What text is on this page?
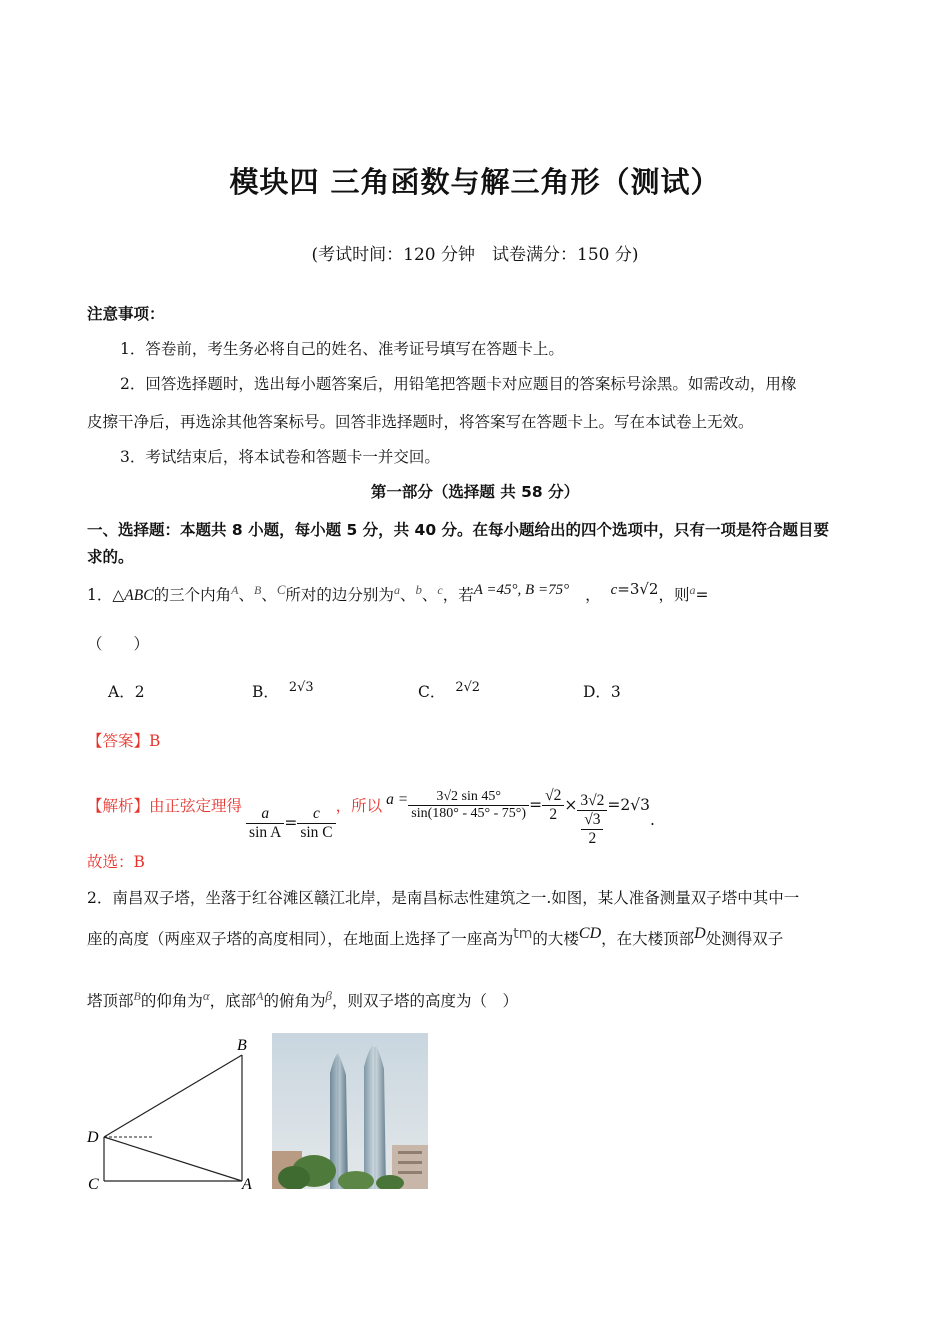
模块四 三角函数与解三角形（测试）
(考试时间：120 分钟　试卷满分：150 分)
注意事项：
1．答卷前，考生务必将自己的姓名、准考证号填写在答题卡上。
2．回答选择题时，选出每小题答案后，用铅笔把答题卡对应题目的答案标号涂黑。如需改动，用橡
皮擦干净后，再选涂其他答案标号。回答非选择题时，将答案写在答题卡上。写在本试卷上无效。
3．考试结束后，将本试卷和答题卡一并交回。
第一部分（选择题 共 58 分）
一、选择题：本题共 8 小题，每小题 5 分，共 40 分。在每小题给出的四个选项中，只有一项是符合题目要
求的。
1．△ABC的三个内角$^A$、$^B$、$^C$所对的边分别为$^a$、$^b$、$^c$，若$^{A =45^\circ, B =75^\circ}$ ， $^{c=3√2}$，则$^a$=
（　　）
A．2	B． $^{2√3}$	C． $^{2√2}$	D．3
【答案】B
【解析】 由正弦定理得 $\frac{a}{\text{sin A}} = \frac{c}{\text{sin C}}$ ，所以 $a = \frac{3√2 \sin 45^\circ}{\sin(180^\circ - 45^\circ - 75^\circ)} = \frac{√2}{2} \times \frac{3√2}{\frac{√3}{2}} =2√3$
.
故选：B
2．南昌双子塔，坐落于红谷滩区赣江北岸，是南昌标志性建筑之一.如图，某人准备测量双子塔中其中一
座的高度（两座双子塔的高度相同），在地面上选择了一座高为$^{tm}$的大楼$^{CD}$，在大楼顶部$^D$处测得双子
塔顶部$^B$的仰角为$^\alpha$，底部$^A$的俯角为$^\beta$，则双子塔的高度为（　）
B
D
C	A
